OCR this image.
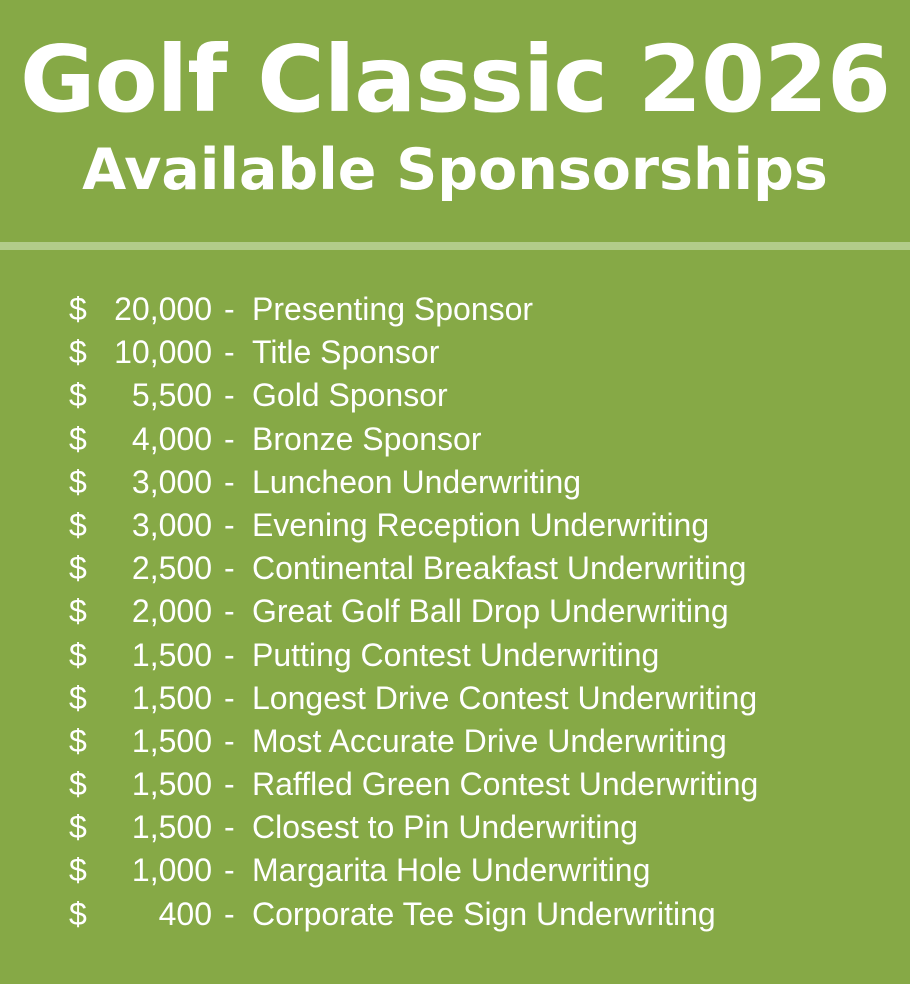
Golf Classic 2026
Available Sponsorships
$ 20,000 - Presenting Sponsor
$ 10,000 - Title Sponsor
$	5,500 - Gold Sponsor
$	4,000 - Bronze Sponsor
$	3,000 - Luncheon Underwriting
$	3,000 - Evening Reception Underwriting
$	2,500 - Continental Breakfast Underwriting
$	2,000 - Great Golf Ball Drop Underwriting
$	1,500 - Putting Contest Underwriting
$	1,500 - Longest Drive Contest Underwriting
$	1,500 - Most Accurate Drive Underwriting
$	1,500 - Raffled Green Contest Underwriting
$	1,500 - Closest to Pin Underwriting
$	1,000 - Margarita Hole Underwriting
$	400 - Corporate Tee Sign Underwriting
